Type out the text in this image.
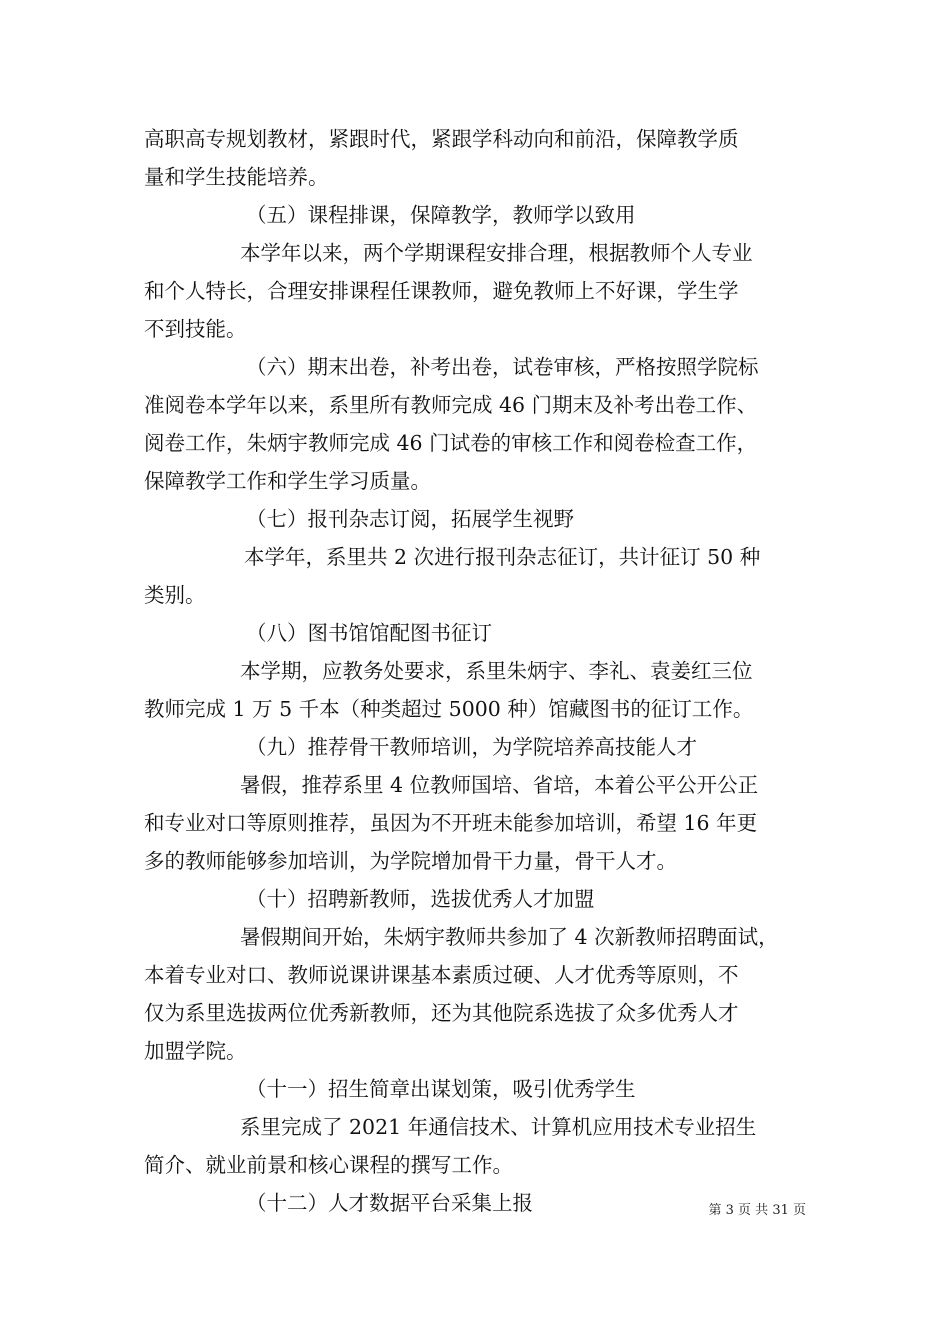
高职高专规划教材，紧跟时代，紧跟学科动向和前沿，保障教学质
量和学生技能培养。
（五）课程排课，保障教学，教师学以致用
本学年以来，两个学期课程安排合理，根据教师个人专业
和个人特长，合理安排课程任课教师，避免教师上不好课，学生学
不到技能。
（六）期末出卷，补考出卷，试卷审核，严格按照学院标
准阅卷本学年以来，系里所有教师完成 46 门期末及补考出卷工作、
阅卷工作，朱炳宇教师完成 46 门试卷的审核工作和阅卷检查工作，
保障教学工作和学生学习质量。
（七）报刊杂志订阅，拓展学生视野
本学年，系里共 2 次进行报刊杂志征订，共计征订 50 种
类别。
（八）图书馆馆配图书征订
本学期，应教务处要求，系里朱炳宇、李礼、袁姜红三位
教师完成 1 万 5 千本（种类超过 5000 种）馆藏图书的征订工作。
（九）推荐骨干教师培训，为学院培养高技能人才
暑假，推荐系里 4 位教师国培、省培，本着公平公开公正
和专业对口等原则推荐，虽因为不开班未能参加培训，希望 16 年更
多的教师能够参加培训，为学院增加骨干力量，骨干人才。
（十）招聘新教师，选拔优秀人才加盟
暑假期间开始，朱炳宇教师共参加了 4 次新教师招聘面试，
本着专业对口、教师说课讲课基本素质过硬、人才优秀等原则，不
仅为系里选拔两位优秀新教师，还为其他院系选拔了众多优秀人才
加盟学院。
（十一）招生简章出谋划策，吸引优秀学生
系里完成了 2021 年通信技术、计算机应用技术专业招生
简介、就业前景和核心课程的撰写工作。
（十二）人才数据平台采集上报	第 3 页 共 31 页
